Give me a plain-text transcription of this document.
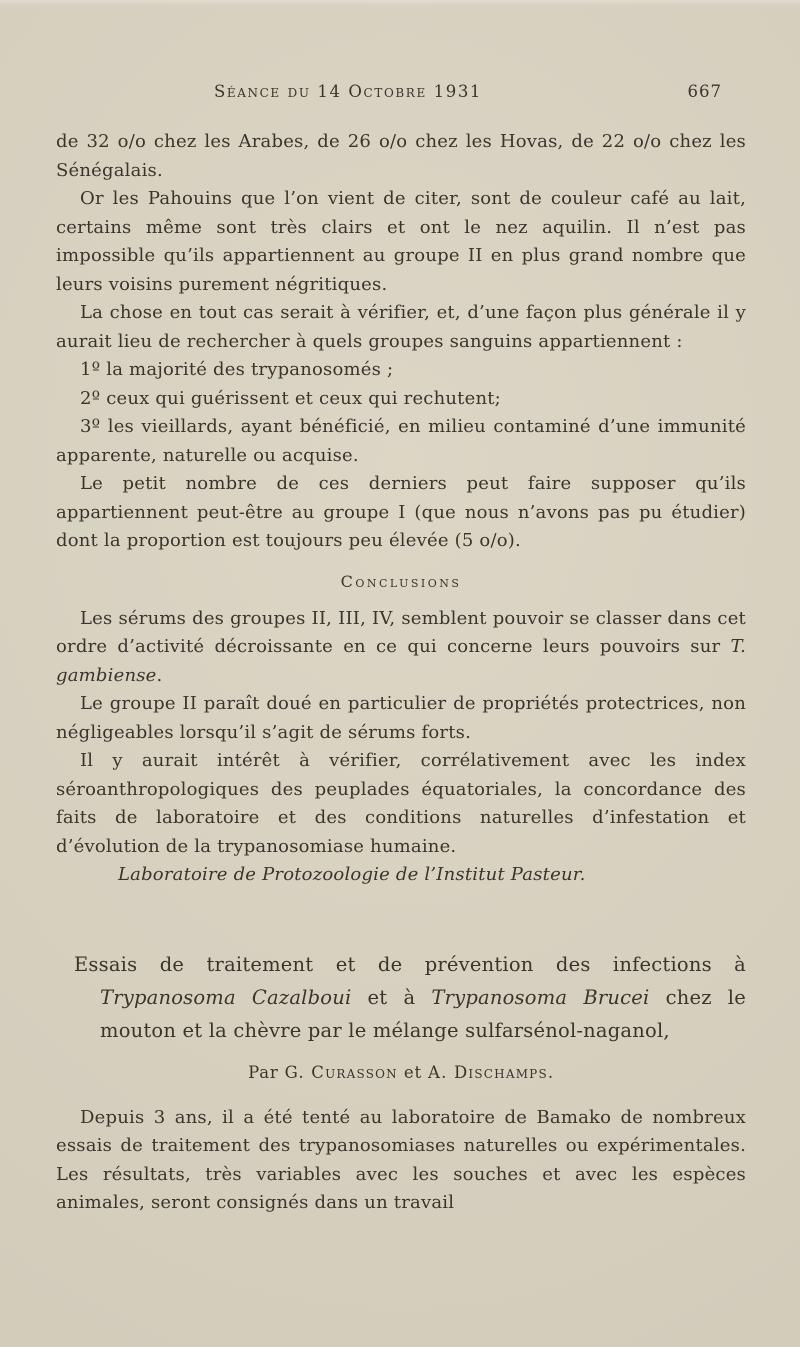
Séance du 14 Octobre 1931	667

de 32 o/o chez les Arabes, de 26 o/o chez les Hovas, de 22 o/o chez les Sénégalais.

Or les Pahouins que l’on vient de citer, sont de couleur café au lait, certains même sont très clairs et ont le nez aquilin. Il n’est pas impossible qu’ils appartiennent au groupe II en plus grand nombre que leurs voisins purement négritiques.

La chose en tout cas serait à vérifier, et, d’une façon plus générale il y aurait lieu de rechercher à quels groupes sanguins appartiennent :

1º la majorité des trypanosomés ;

2º ceux qui guérissent et ceux qui rechutent;

3º les vieillards, ayant bénéficié, en milieu contaminé d’une immunité apparente, naturelle ou acquise.

Le petit nombre de ces derniers peut faire supposer qu’ils appartiennent peut-être au groupe I (que nous n’avons pas pu étudier) dont la proportion est toujours peu élevée (5 o/o).

Conclusions

Les sérums des groupes II, III, IV, semblent pouvoir se classer dans cet ordre d’activité décroissante en ce qui concerne leurs pouvoirs sur T. gambiense.

Le groupe II paraît doué en particulier de propriétés protectrices, non négligeables lorsqu’il s’agit de sérums forts.

Il y aurait intérêt à vérifier, corrélativement avec les index séroanthropologiques des peuplades équatoriales, la concordance des faits de laboratoire et des conditions naturelles d’infestation et d’évolution de la trypanosomiase humaine.

Laboratoire de Protozoologie de l’Institut Pasteur.

Essais de traitement et de prévention des infections à Trypanosoma Cazalboui et à Trypanosoma Brucei chez le mouton et la chèvre par le mélange sulfarsénol-naganol,

Par G. Curasson et A. Dischamps.

Depuis 3 ans, il a été tenté au laboratoire de Bamako de nombreux essais de traitement des trypanosomiases naturelles ou expérimentales. Les résultats, très variables avec les souches et avec les espèces animales, seront consignés dans un travail
